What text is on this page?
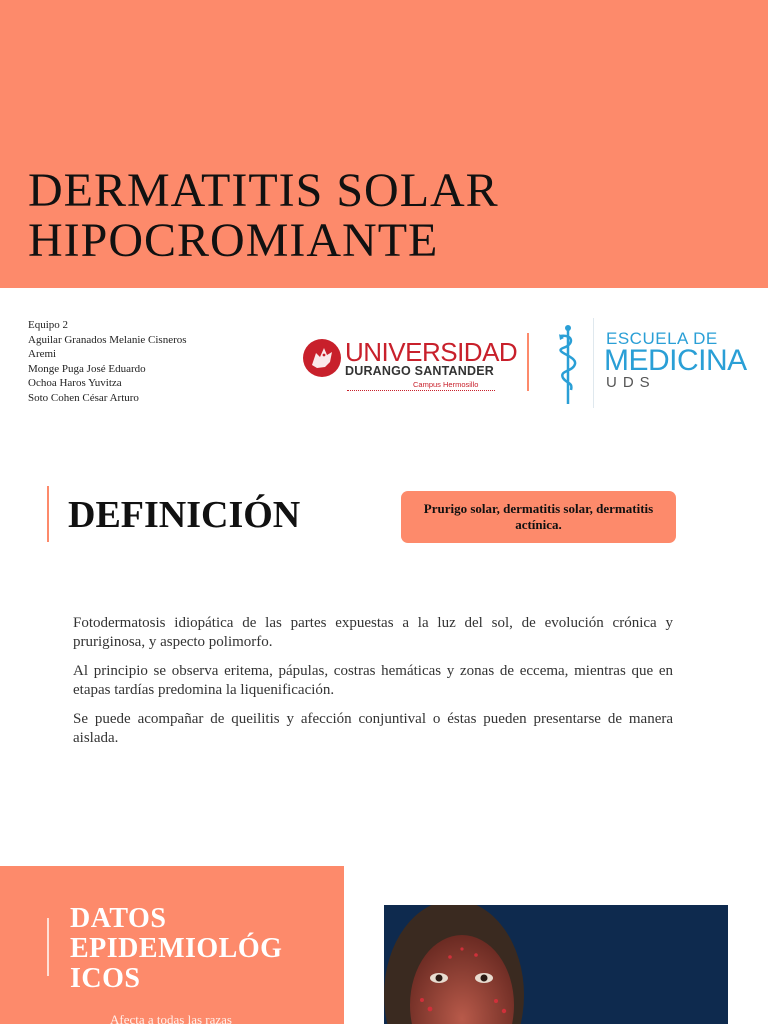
DERMATITIS SOLAR
HIPOCROMIANTE
Equipo 2
Aguilar Granados Melanie Cisneros
Aremi
Monge Puga José Eduardo
Ochoa Haros Yuvitza
Soto Cohen César Arturo
UNIVERSIDAD
DURANGO SANTANDER
Campus Hermosillo
ESCUELA DE
MEDICINA
UDS
DEFINICIÓN	Prurigo solar, dermatitis solar, dermatitis actínica.

Fotodermatosis idiopática de las partes expuestas a la luz del sol, de evolución crónica y pruriginosa, y aspecto polimorfo.

Al principio se observa eritema, pápulas, costras hemáticas y zonas de eccema, mientras que en etapas tardías predomina la liquenificación.

Se puede acompañar de queilitis y afección conjuntival o éstas pueden presentarse de manera aislada.

DATOS
EPIDEMIOLÓG
ICOS
Afecta a todas las razas
